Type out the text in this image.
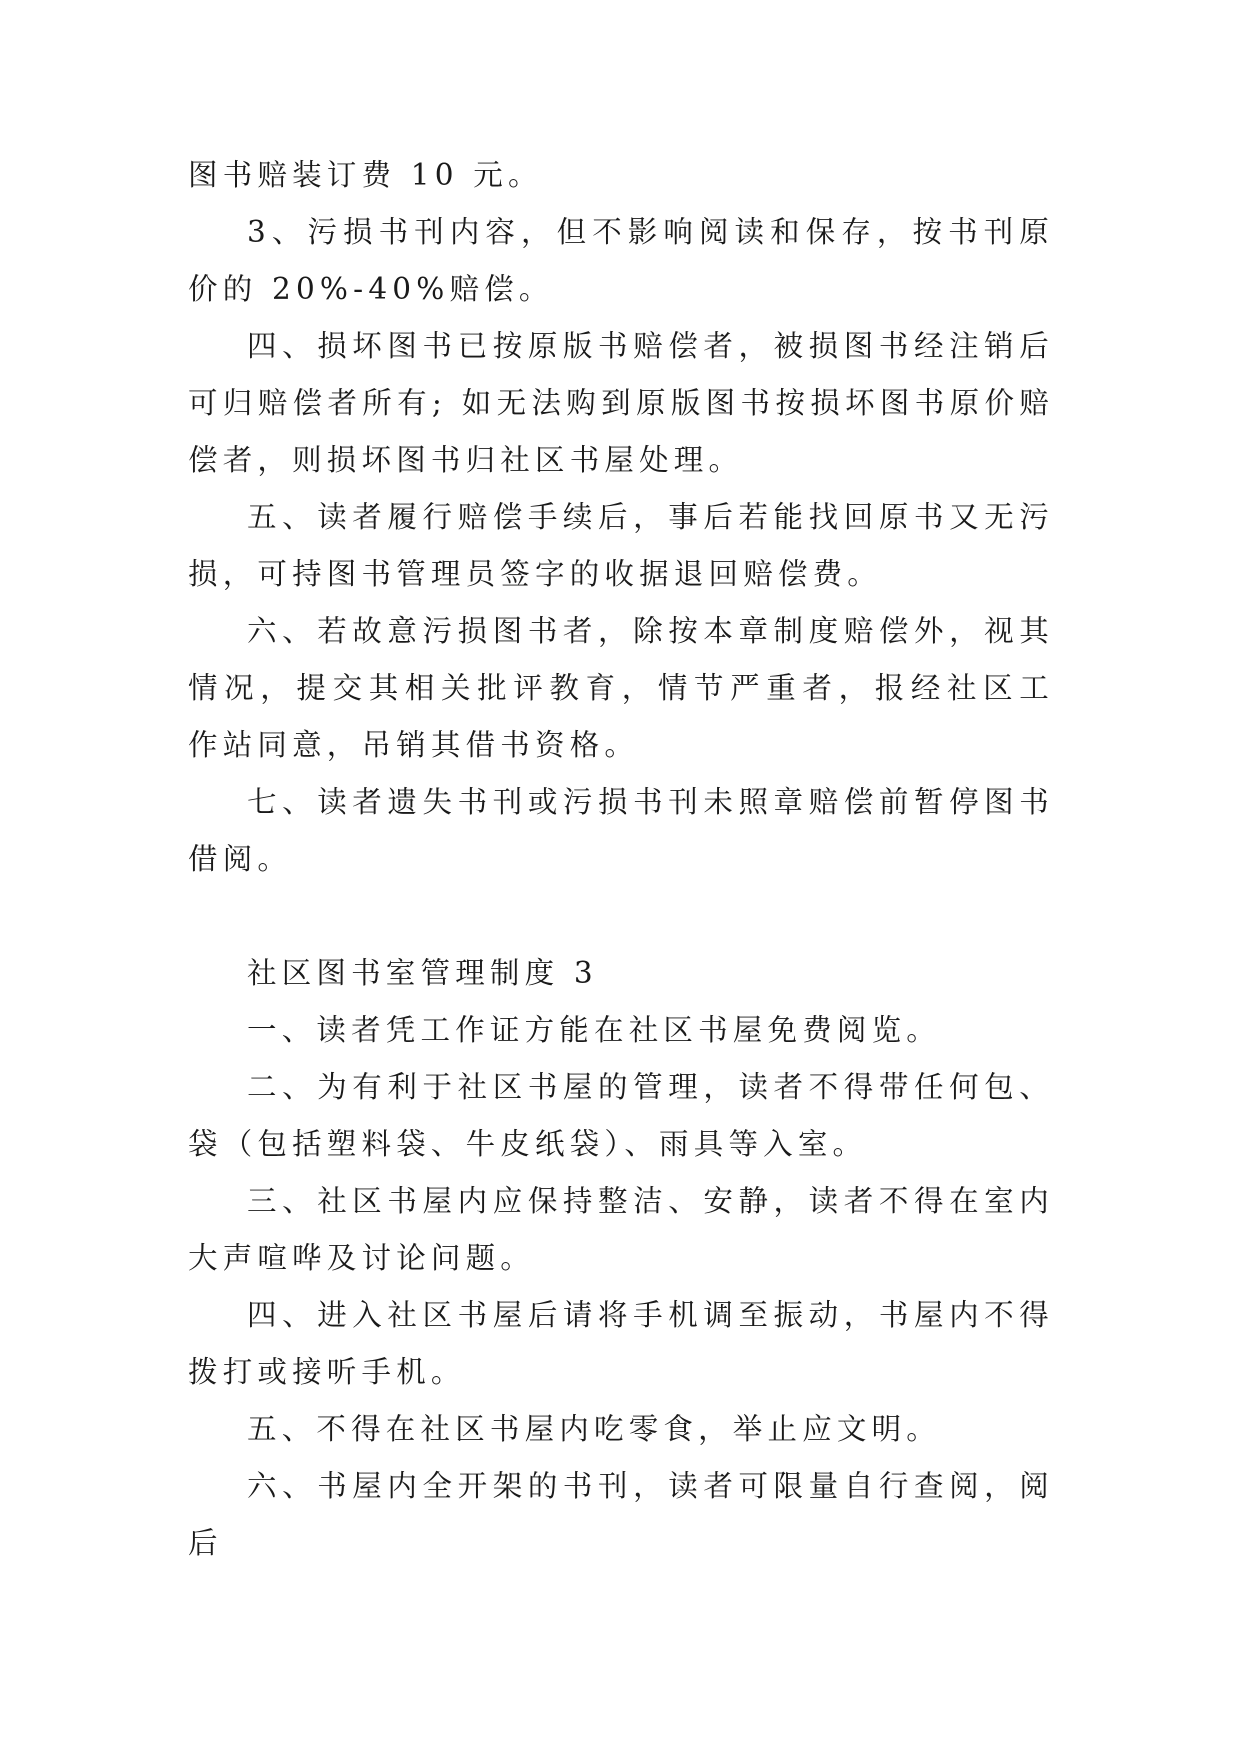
图书赔装订费 10 元。

3、污损书刊内容，但不影响阅读和保存，按书刊原价的 20%-40%赔偿。

四、损坏图书已按原版书赔偿者，被损图书经注销后可归赔偿者所有; 如无法购到原版图书按损坏图书原价赔偿者，则损坏图书归社区书屋处理。

五、读者履行赔偿手续后，事后若能找回原书又无污损，可持图书管理员签字的收据退回赔偿费。

六、若故意污损图书者，除按本章制度赔偿外，视其情况，提交其相关批评教育，情节严重者，报经社区工作站同意，吊销其借书资格。

七、读者遗失书刊或污损书刊未照章赔偿前暂停图书借阅。

社区图书室管理制度 3

一、读者凭工作证方能在社区书屋免费阅览。

二、为有利于社区书屋的管理，读者不得带任何包、袋（包括塑料袋、牛皮纸袋）、雨具等入室。

三、社区书屋内应保持整洁、安静，读者不得在室内大声喧哗及讨论问题。

四、进入社区书屋后请将手机调至振动，书屋内不得拨打或接听手机。

五、不得在社区书屋内吃零食，举止应文明。

六、书屋内全开架的书刊，读者可限量自行查阅，阅后
